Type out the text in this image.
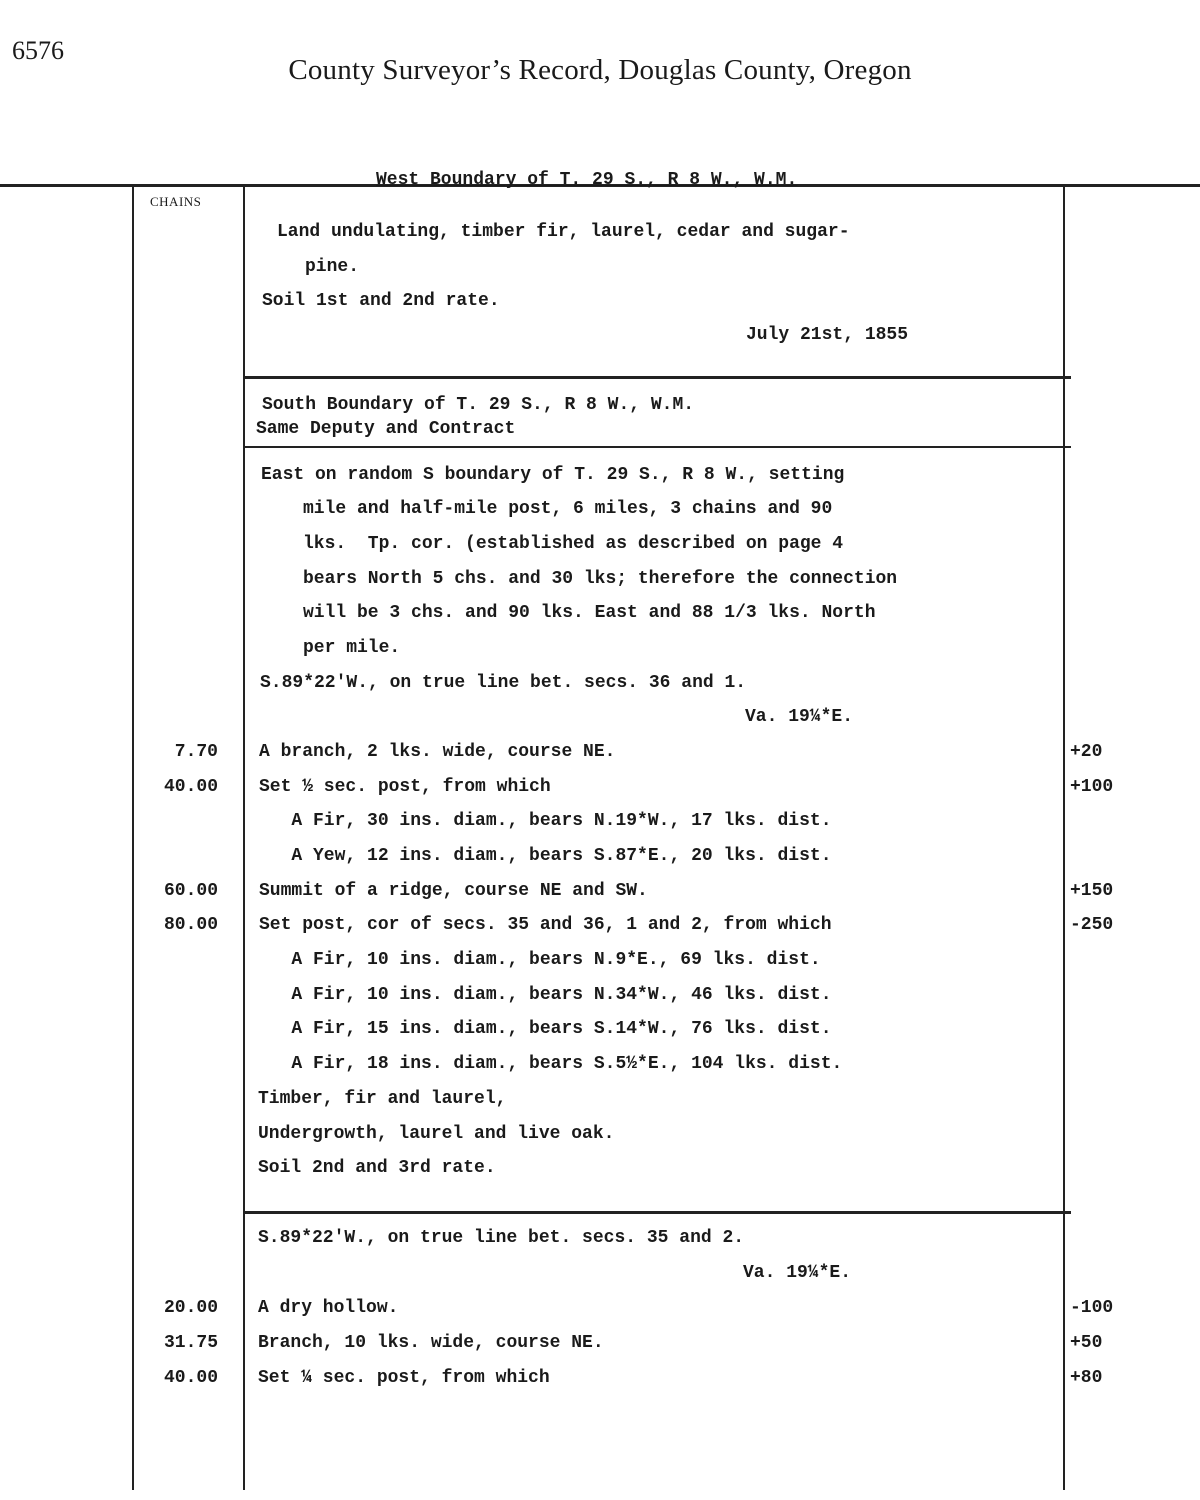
6576
County Surveyor’s Record, Douglas County, Oregon
West Boundary of T. 29 S., R 8 W., W.M.
CHAINS
Land undulating, timber fir, laurel, cedar and sugar-
pine.
Soil 1st and 2nd rate.
July 21st, 1855
South Boundary of T. 29 S., R 8 W., W.M.
Same Deputy and Contract
East on random S boundary of T. 29 S., R 8 W., setting
mile and half-mile post, 6 miles, 3 chains and 90
lks.  Tp. cor. (established as described on page 4
bears North 5 chs. and 30 lks; therefore the connection
will be 3 chs. and 90 lks. East and 88 1/3 lks. North
per mile.
S.89*22'W., on true line bet. secs. 36 and 1.
Va. 19¼*E.
7.70 A branch, 2 lks. wide, course NE.	+20
40.00 Set ½ sec. post, from which	+100
A Fir, 30 ins. diam., bears N.19*W., 17 lks. dist.
A Yew, 12 ins. diam., bears S.87*E., 20 lks. dist.
60.00 Summit of a ridge, course NE and SW.	+150
80.00 Set post, cor of secs. 35 and 36, 1 and 2, from which	-250
A Fir, 10 ins. diam., bears N.9*E., 69 lks. dist.
A Fir, 10 ins. diam., bears N.34*W., 46 lks. dist.
A Fir, 15 ins. diam., bears S.14*W., 76 lks. dist.
A Fir, 18 ins. diam., bears S.5½*E., 104 lks. dist.
Timber, fir and laurel,
Undergrowth, laurel and live oak.
Soil 2nd and 3rd rate.
S.89*22'W., on true line bet. secs. 35 and 2.
Va. 19¼*E.
20.00 A dry hollow.	-100
31.75 Branch, 10 lks. wide, course NE.	+50
40.00 Set ¼ sec. post, from which	+80
